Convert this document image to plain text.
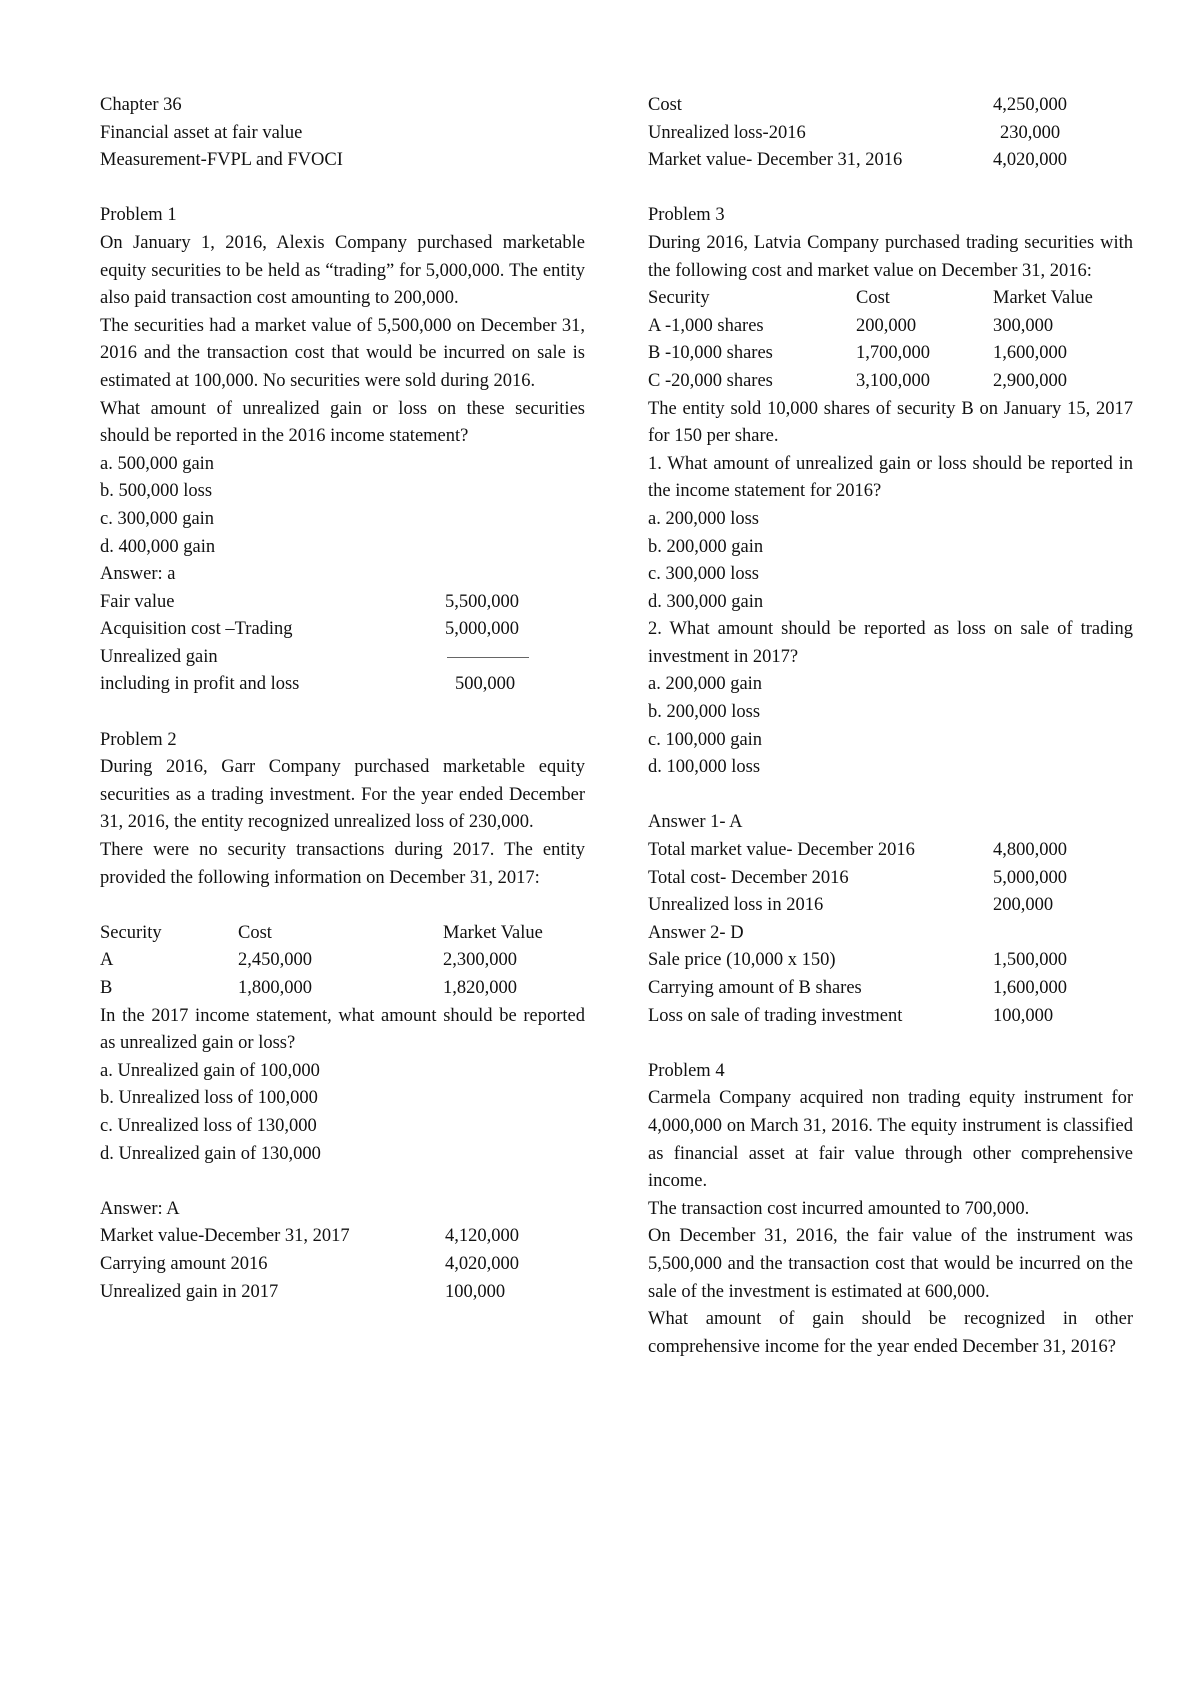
Chapter 36
Financial asset at fair value
Measurement-FVPL and FVOCI
Problem 1
On January 1, 2016, Alexis Company purchased marketable equity securities to be held as “trading” for 5,000,000. The entity also paid transaction cost amounting to 200,000.
The securities had a market value of 5,500,000 on December 31, 2016 and the transaction cost that would be incurred on sale is estimated at 100,000. No securities were sold during 2016.
What amount of unrealized gain or loss on these securities should be reported in the 2016 income statement?
a. 500,000 gain
b. 500,000 loss
c. 300,000 gain
d. 400,000 gain
Answer: a
Fair value	5,500,000
Acquisition cost –Trading	5,000,000
Unrealized gain
including in profit and loss	500,000
Problem 2
During 2016, Garr Company purchased marketable equity securities as a trading investment. For the year ended December 31, 2016, the entity recognized unrealized loss of 230,000.
There were no security transactions during 2017. The entity provided the following information on December 31, 2017:
Security	Cost	Market Value
A	2,450,000	2,300,000
B	1,800,000	1,820,000
In the 2017 income statement, what amount should be reported as unrealized gain or loss?
a. Unrealized gain of 100,000
b. Unrealized loss of 100,000
c. Unrealized loss of 130,000
d. Unrealized gain of 130,000
Answer: A
Market value-December 31, 2017	4,120,000
Carrying amount 2016	4,020,000
Unrealized gain in 2017	100,000
Cost	4,250,000
Unrealized loss-2016	230,000
Market value- December 31, 2016	4,020,000
Problem 3
During 2016, Latvia Company purchased trading securities with the following cost and market value on December 31, 2016:
Security	Cost	Market Value
A -1,000 shares	200,000	300,000
B -10,000 shares	1,700,000	1,600,000
C -20,000 shares	3,100,000	2,900,000
The entity sold 10,000 shares of security B on January 15, 2017 for 150 per share.
1. What amount of unrealized gain or loss should be reported in the income statement for 2016?
a. 200,000 loss
b. 200,000 gain
c. 300,000 loss
d. 300,000 gain
2. What amount should be reported as loss on sale of trading investment in 2017?
a. 200,000 gain
b. 200,000 loss
c. 100,000 gain
d. 100,000 loss
Answer 1- A
Total market value- December 2016	4,800,000
Total cost- December 2016	5,000,000
Unrealized loss in 2016	200,000
Answer 2- D
Sale price (10,000 x 150)	1,500,000
Carrying amount of B shares	1,600,000
Loss on sale of trading investment	100,000
Problem 4
Carmela Company acquired non trading equity instrument for 4,000,000 on March 31, 2016. The equity instrument is classified as financial asset at fair value through other comprehensive income.
The transaction cost incurred amounted to 700,000.
On December 31, 2016, the fair value of the instrument was 5,500,000 and the transaction cost that would be incurred on the sale of the investment is estimated at 600,000.
What amount of gain should be recognized in other comprehensive income for the year ended December 31, 2016?
